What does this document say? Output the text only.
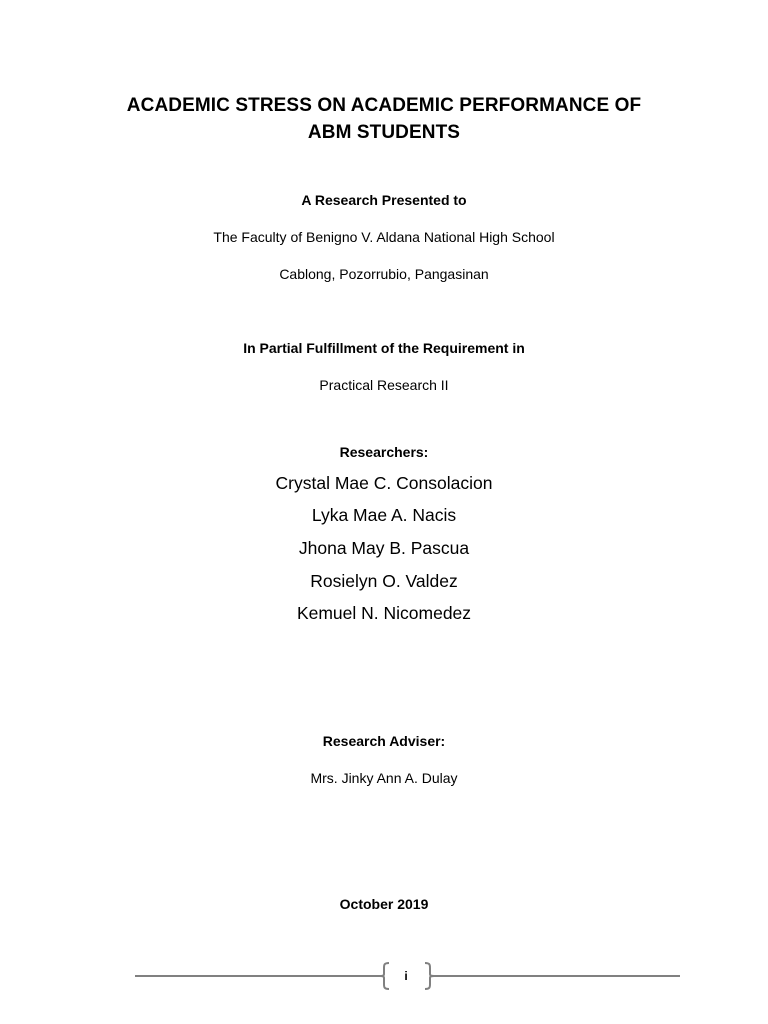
ACADEMIC STRESS ON ACADEMIC PERFORMANCE OF
ABM STUDENTS

A Research Presented to

The Faculty of Benigno V. Aldana National High School

Cablong, Pozorrubio, Pangasinan

In Partial Fulfillment of the Requirement in

Practical Research II

Researchers:

Crystal Mae C. Consolacion

Lyka Mae A. Nacis

Jhona May B. Pascua

Rosielyn O. Valdez

Kemuel N. Nicomedez

Research Adviser:

Mrs. Jinky Ann A. Dulay

October 2019

i
